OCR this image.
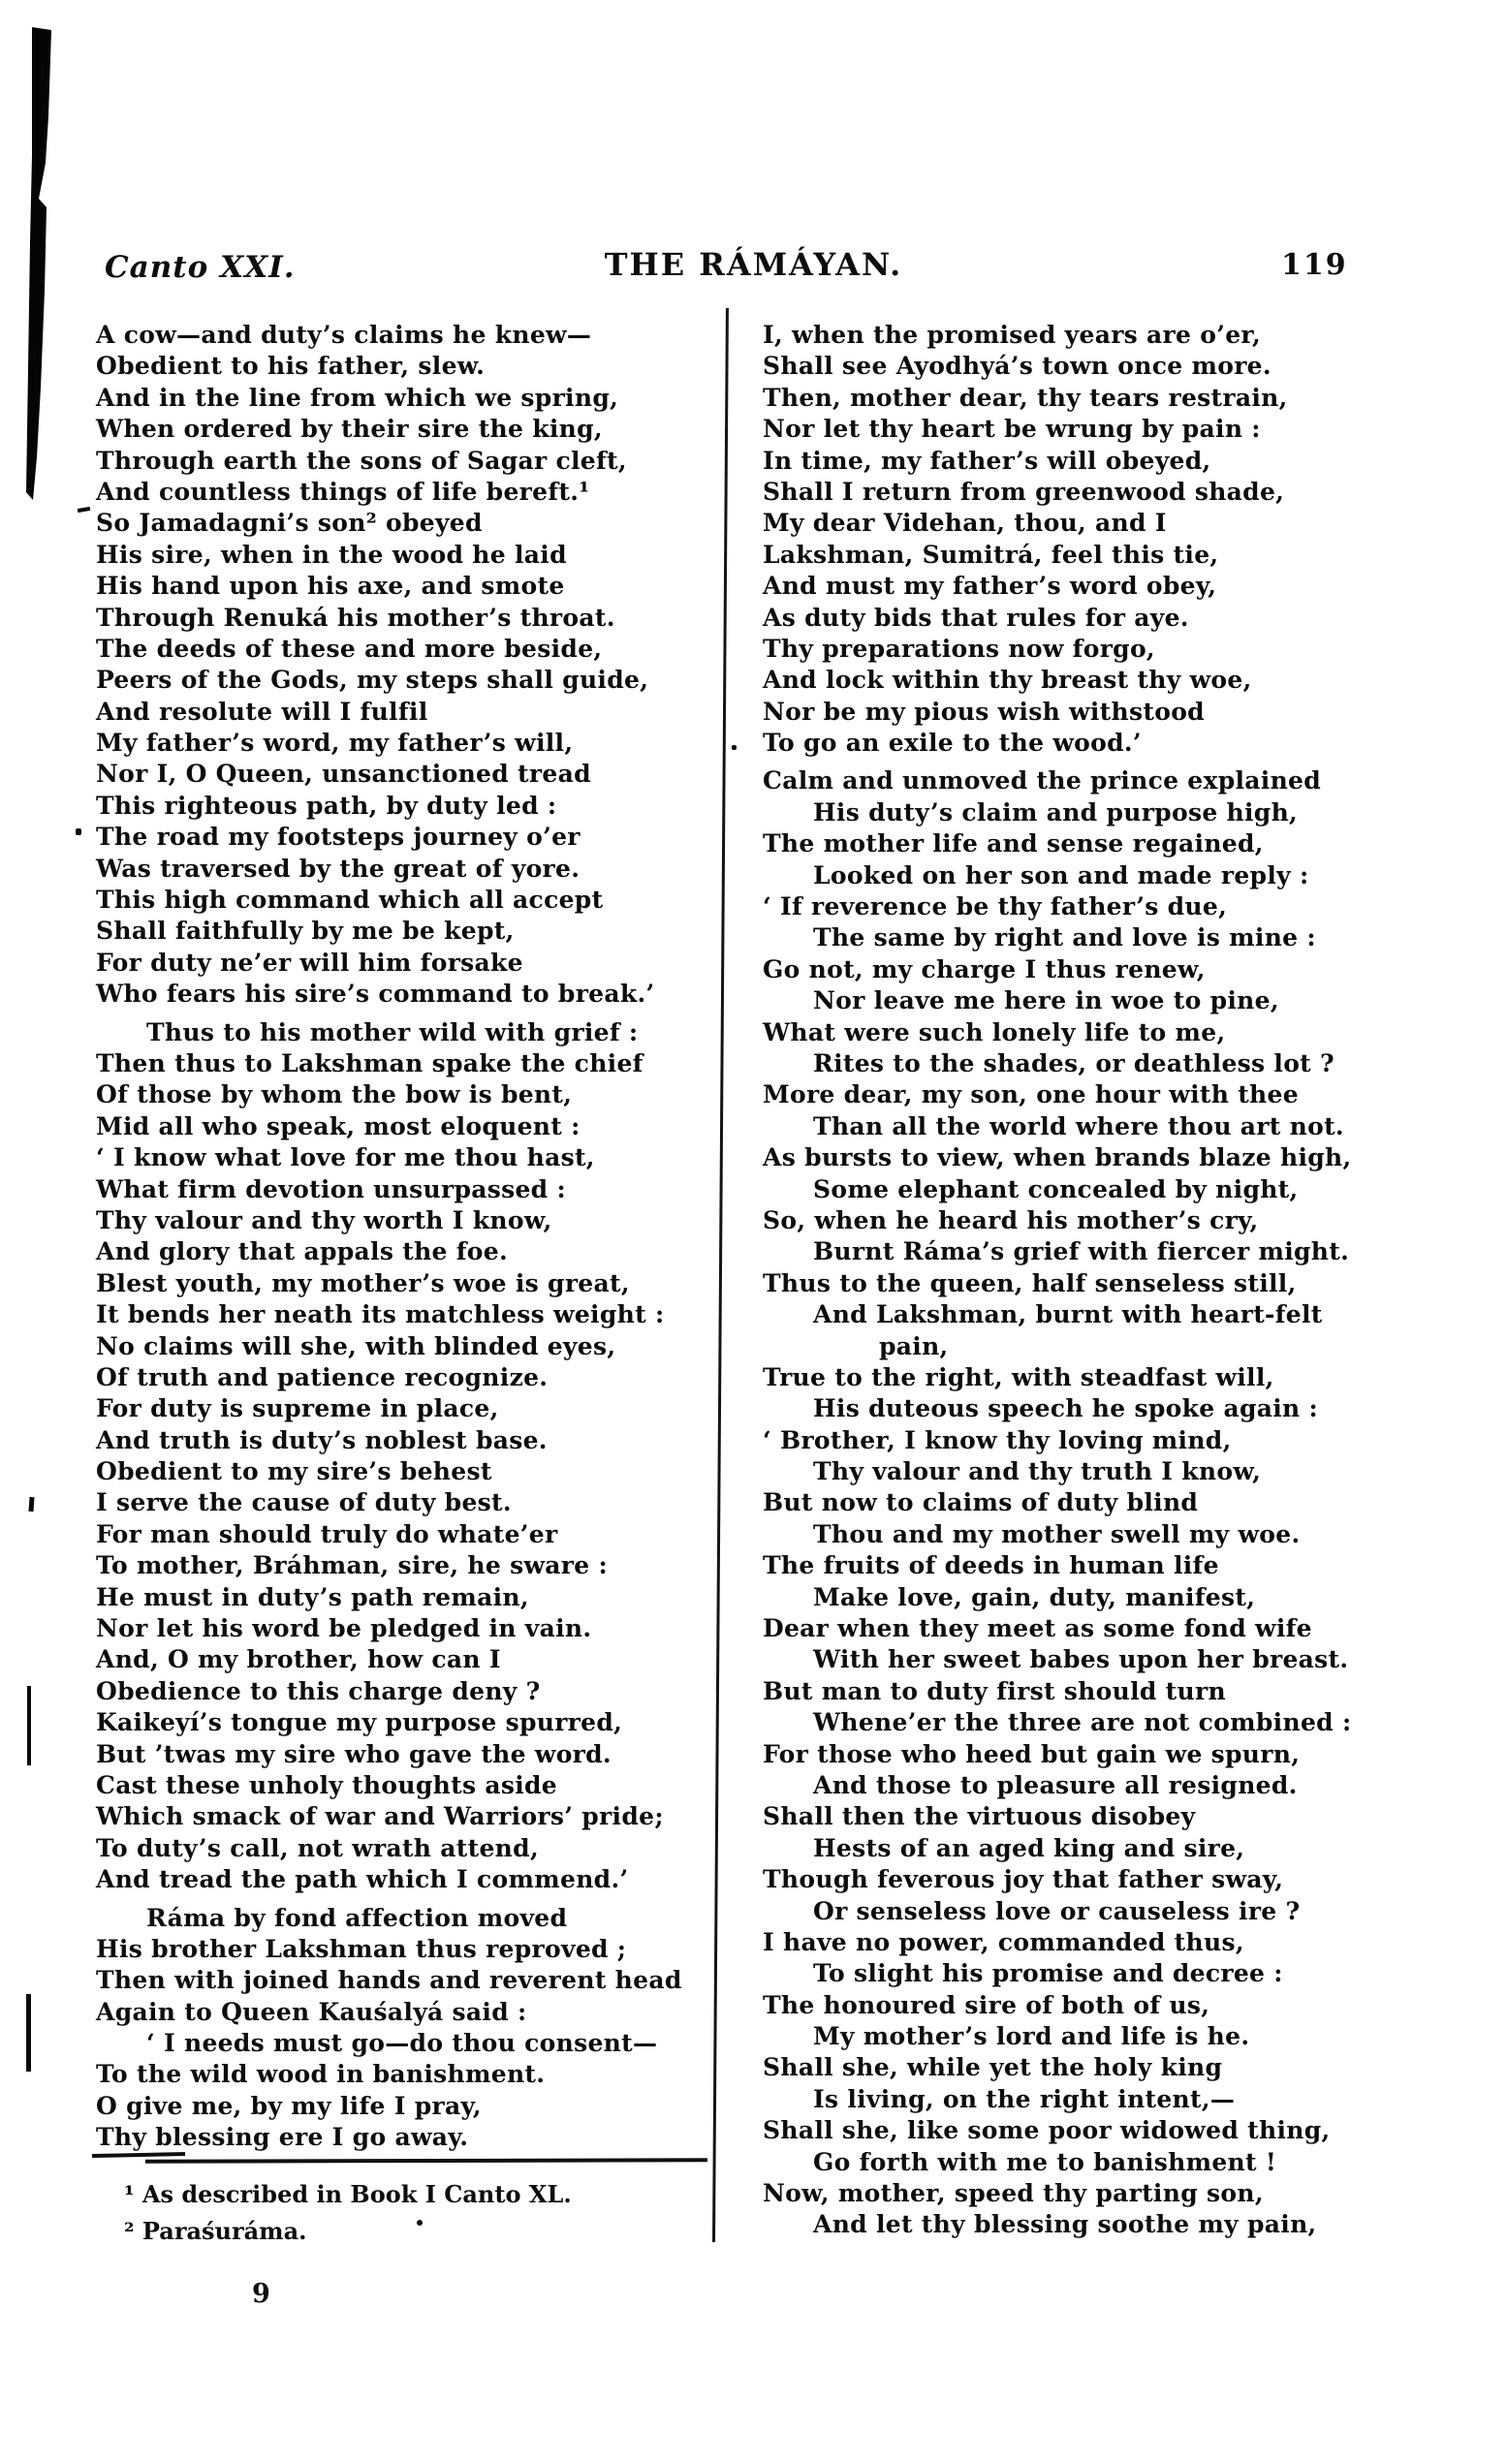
Canto XXI.	THE RÁMÁYAN.	119
A cow—and duty’s claims he knew—
Obedient to his father, slew.
And in the line from which we spring,
When ordered by their sire the king,
Through earth the sons of Sagar cleft,
And countless things of life bereft.¹
So Jamadagni’s son² obeyed
His sire, when in the wood he laid
His hand upon his axe, and smote
Through Renuká his mother’s throat.
The deeds of these and more beside,
Peers of the Gods, my steps shall guide,
And resolute will I fulfil
My father’s word, my father’s will,
Nor I, O Queen, unsanctioned tread
This righteous path, by duty led :
The road my footsteps journey o’er
Was traversed by the great of yore.
This high command which all accept
Shall faithfully by me be kept,
For duty ne’er will him forsake
Who fears his sire’s command to break.’
Thus to his mother wild with grief :
Then thus to Lakshman spake the chief
Of those by whom the bow is bent,
Mid all who speak, most eloquent :
‘ I know what love for me thou hast,
What firm devotion unsurpassed :
Thy valour and thy worth I know,
And glory that appals the foe.
Blest youth, my mother’s woe is great,
It bends her neath its matchless weight :
No claims will she, with blinded eyes,
Of truth and patience recognize.
For duty is supreme in place,
And truth is duty’s noblest base.
Obedient to my sire’s behest
I serve the cause of duty best.
For man should truly do whate’er
To mother, Bráhman, sire, he sware :
He must in duty’s path remain,
Nor let his word be pledged in vain.
And, O my brother, how can I
Obedience to this charge deny ?
Kaikeyí’s tongue my purpose spurred,
But ’twas my sire who gave the word.
Cast these unholy thoughts aside
Which smack of war and Warriors’ pride;
To duty’s call, not wrath attend,
And tread the path which I commend.’
Ráma by fond affection moved
His brother Lakshman thus reproved ;
Then with joined hands and reverent head
Again to Queen Kauśalyá said :
‘ I needs must go—do thou consent—
To the wild wood in banishment.
O give me, by my life I pray,
Thy blessing ere I go away.
I, when the promised years are o’er,
Shall see Ayodhyá’s town once more.
Then, mother dear, thy tears restrain,
Nor let thy heart be wrung by pain :
In time, my father’s will obeyed,
Shall I return from greenwood shade,
My dear Videhan, thou, and I
Lakshman, Sumitrá, feel this tie,
And must my father’s word obey,
As duty bids that rules for aye.
Thy preparations now forgo,
And lock within thy breast thy woe,
Nor be my pious wish withstood
To go an exile to the wood.’
Calm and unmoved the prince explained
His duty’s claim and purpose high,
The mother life and sense regained,
Looked on her son and made reply :
‘ If reverence be thy father’s due,
The same by right and love is mine :
Go not, my charge I thus renew,
Nor leave me here in woe to pine,
What were such lonely life to me,
Rites to the shades, or deathless lot ?
More dear, my son, one hour with thee
Than all the world where thou art not.
As bursts to view, when brands blaze high,
Some elephant concealed by night,
So, when he heard his mother’s cry,
Burnt Ráma’s grief with fiercer might.
Thus to the queen, half senseless still,
And Lakshman, burnt with heart-felt
pain,
True to the right, with steadfast will,
His duteous speech he spoke again :
‘ Brother, I know thy loving mind,
Thy valour and thy truth I know,
But now to claims of duty blind
Thou and my mother swell my woe.
The fruits of deeds in human life
Make love, gain, duty, manifest,
Dear when they meet as some fond wife
With her sweet babes upon her breast.
But man to duty first should turn
Whene’er the three are not combined :
For those who heed but gain we spurn,
And those to pleasure all resigned.
Shall then the virtuous disobey
Hests of an aged king and sire,
Though feverous joy that father sway,
Or senseless love or causeless ire ?
I have no power, commanded thus,
To slight his promise and decree :
The honoured sire of both of us,
My mother’s lord and life is he.
Shall she, while yet the holy king
Is living, on the right intent,—
Shall she, like some poor widowed thing,
Go forth with me to banishment !
Now, mother, speed thy parting son,
And let thy blessing soothe my pain,
¹ As described in Book I Canto XL.
² Paraśuráma.
9
